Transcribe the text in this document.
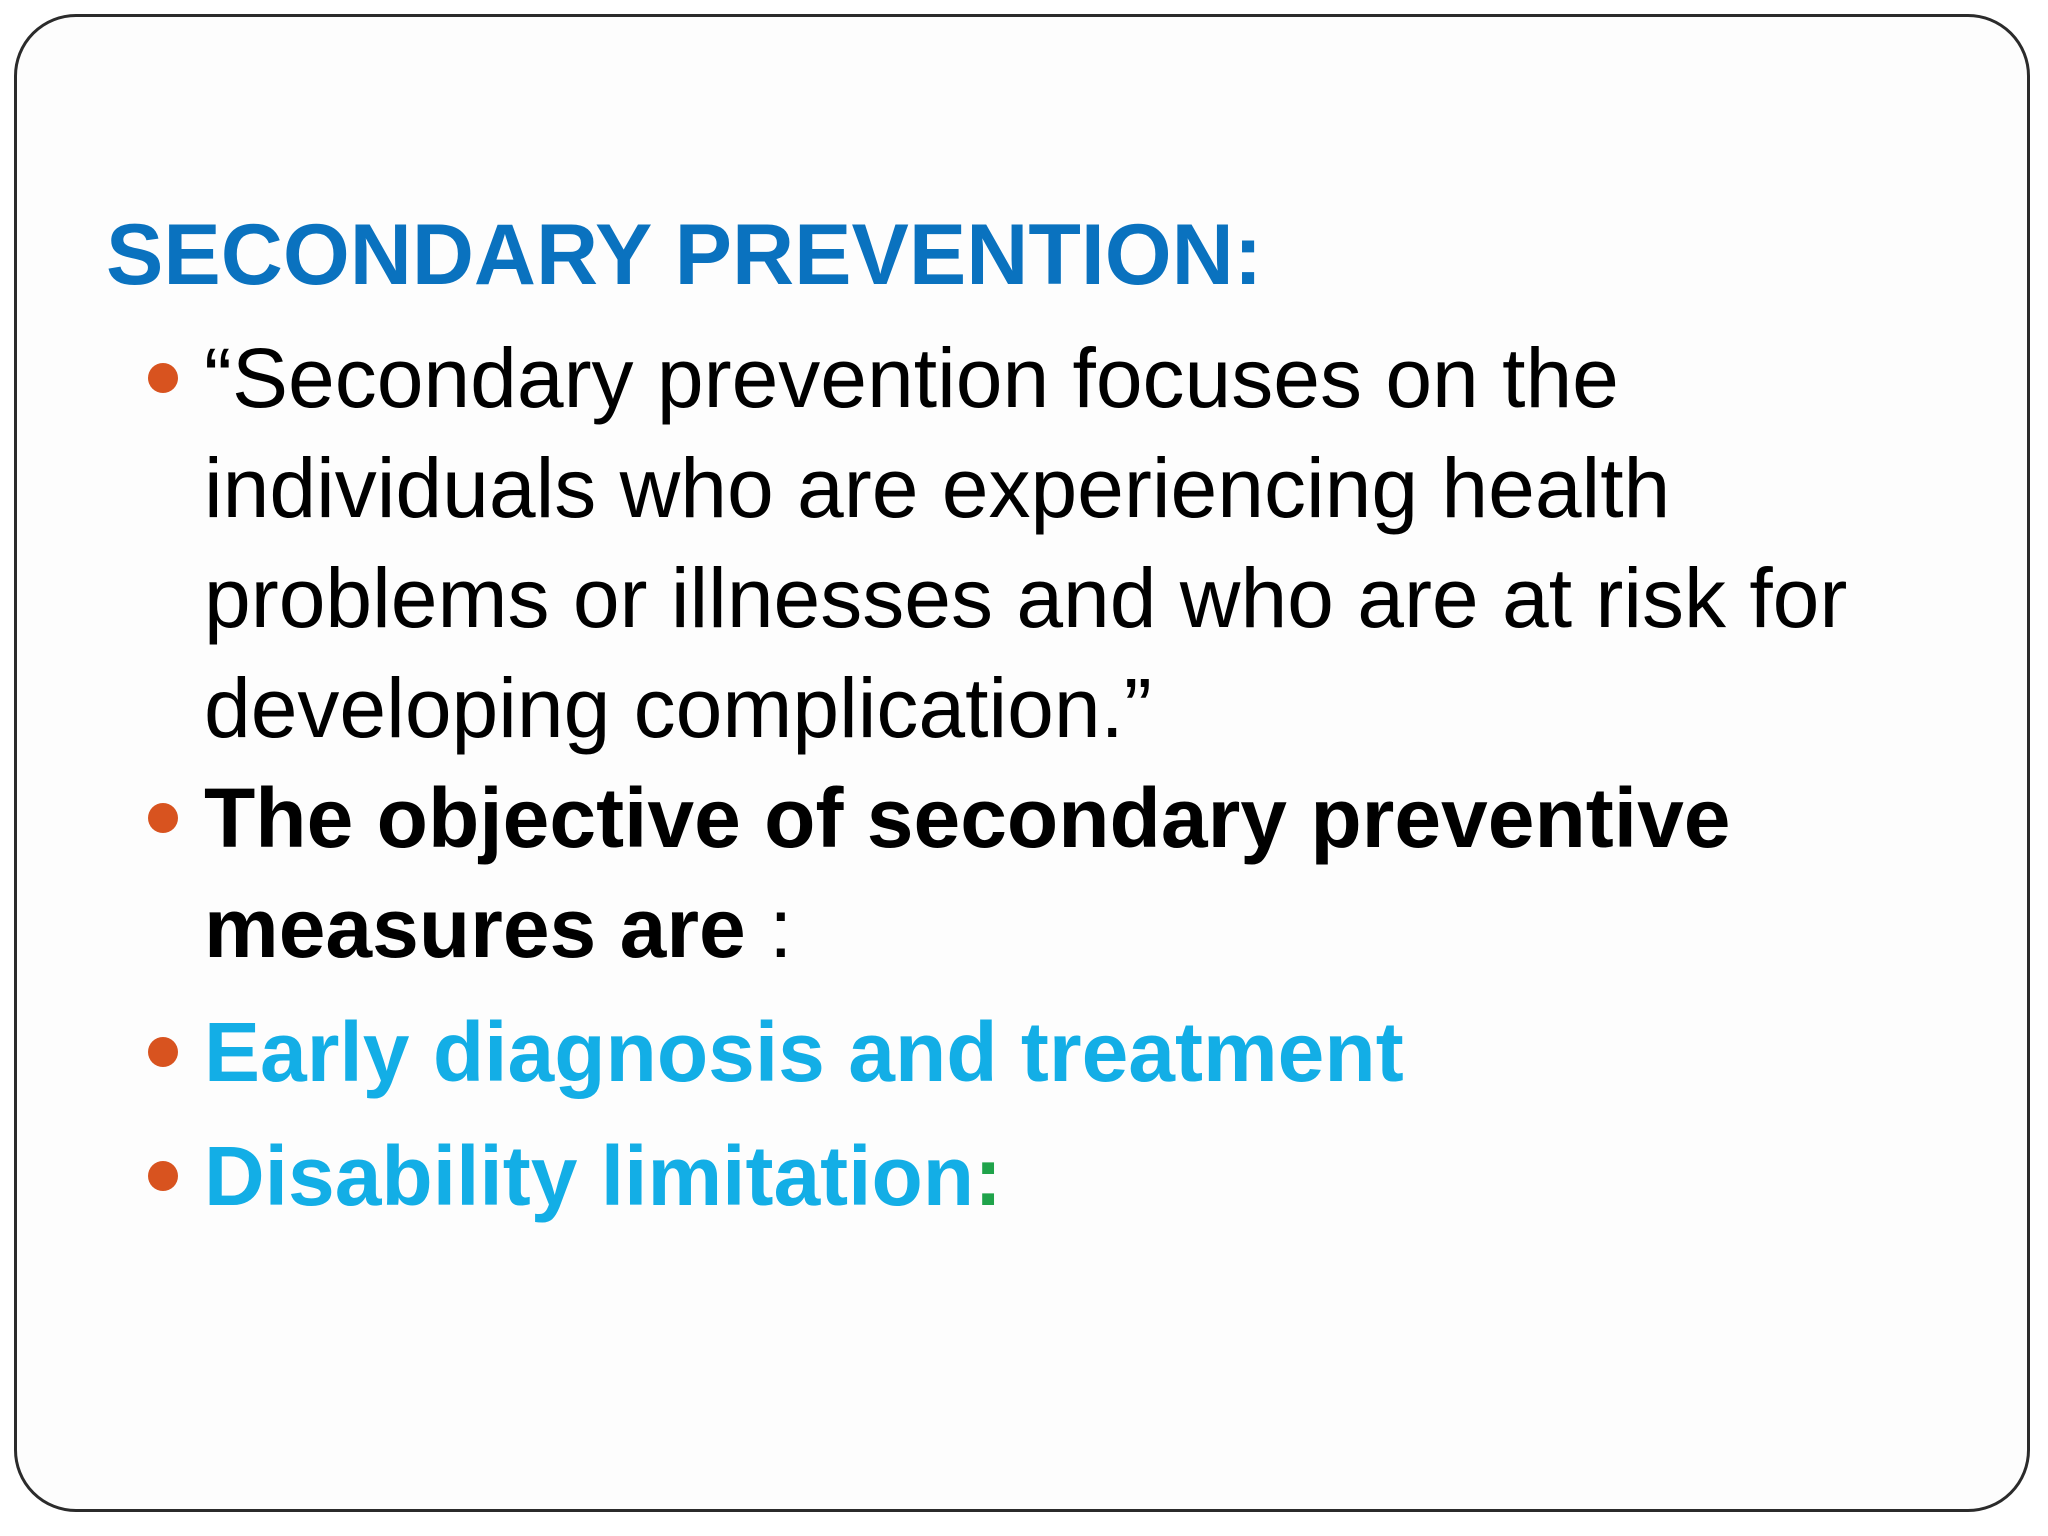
SECONDARY PREVENTION:
“Secondary prevention focuses on the individuals who are experiencing health problems or illnesses and who are at risk for developing complication.”
The objective of secondary preventive measures are :
Early diagnosis and treatment
Disability limitation:
